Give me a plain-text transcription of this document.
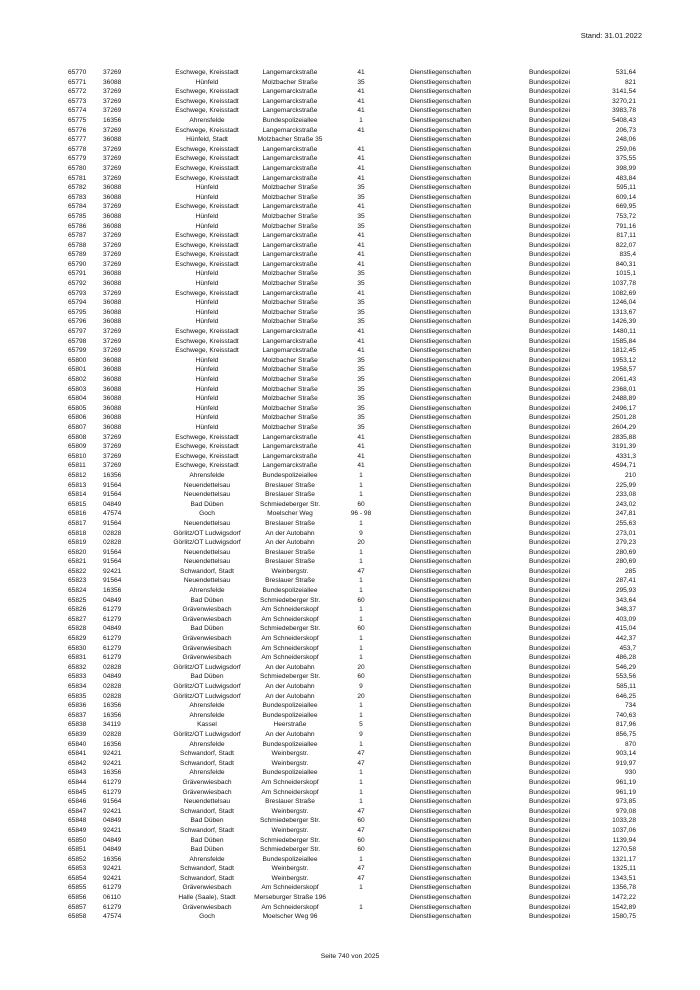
Stand: 31.01.2022
65770	37269	Eschwege, Kreisstadt	Langemarckstraße	41	Dienstliegenschaften	Bundespolizei	531,64
65771	36088	Hünfeld	Molzbacher Straße	35	Dienstliegenschaften	Bundespolizei	821
65772	37269	Eschwege, Kreisstadt	Langemarckstraße	41	Dienstliegenschaften	Bundespolizei	3141,54
65773	37269	Eschwege, Kreisstadt	Langemarckstraße	41	Dienstliegenschaften	Bundespolizei	3270,21
65774	37269	Eschwege, Kreisstadt	Langemarckstraße	41	Dienstliegenschaften	Bundespolizei	3983,78
65775	16356	Ahrensfelde	Bundespolizeiallee	1	Dienstliegenschaften	Bundespolizei	5408,43
65776	37269	Eschwege, Kreisstadt	Langemarckstraße	41	Dienstliegenschaften	Bundespolizei	206,73
65777	36088	Hünfeld, Stadt	Molzbacher Straße 35	Dienstliegenschaften	Bundespolizei	248,06
65778	37269	Eschwege, Kreisstadt	Langemarckstraße	41	Dienstliegenschaften	Bundespolizei	259,06
65779	37269	Eschwege, Kreisstadt	Langemarckstraße	41	Dienstliegenschaften	Bundespolizei	375,55
65780	37269	Eschwege, Kreisstadt	Langemarckstraße	41	Dienstliegenschaften	Bundespolizei	398,99
65781	37269	Eschwege, Kreisstadt	Langemarckstraße	41	Dienstliegenschaften	Bundespolizei	483,84
65782	36088	Hünfeld	Molzbacher Straße	35	Dienstliegenschaften	Bundespolizei	595,11
65783	36088	Hünfeld	Molzbacher Straße	35	Dienstliegenschaften	Bundespolizei	609,14
65784	37269	Eschwege, Kreisstadt	Langemarckstraße	41	Dienstliegenschaften	Bundespolizei	669,95
65785	36088	Hünfeld	Molzbacher Straße	35	Dienstliegenschaften	Bundespolizei	753,72
65786	36088	Hünfeld	Molzbacher Straße	35	Dienstliegenschaften	Bundespolizei	791,16
65787	37269	Eschwege, Kreisstadt	Langemarckstraße	41	Dienstliegenschaften	Bundespolizei	817,11
65788	37269	Eschwege, Kreisstadt	Langemarckstraße	41	Dienstliegenschaften	Bundespolizei	822,07
65789	37269	Eschwege, Kreisstadt	Langemarckstraße	41	Dienstliegenschaften	Bundespolizei	835,4
65790	37269	Eschwege, Kreisstadt	Langemarckstraße	41	Dienstliegenschaften	Bundespolizei	840,31
65791	36088	Hünfeld	Molzbacher Straße	35	Dienstliegenschaften	Bundespolizei	1015,1
65792	36088	Hünfeld	Molzbacher Straße	35	Dienstliegenschaften	Bundespolizei	1037,78
65793	37269	Eschwege, Kreisstadt	Langemarckstraße	41	Dienstliegenschaften	Bundespolizei	1082,69
65794	36088	Hünfeld	Molzbacher Straße	35	Dienstliegenschaften	Bundespolizei	1246,04
65795	36088	Hünfeld	Molzbacher Straße	35	Dienstliegenschaften	Bundespolizei	1313,67
65796	36088	Hünfeld	Molzbacher Straße	35	Dienstliegenschaften	Bundespolizei	1426,39
65797	37269	Eschwege, Kreisstadt	Langemarckstraße	41	Dienstliegenschaften	Bundespolizei	1480,11
65798	37269	Eschwege, Kreisstadt	Langemarckstraße	41	Dienstliegenschaften	Bundespolizei	1585,84
65799	37269	Eschwege, Kreisstadt	Langemarckstraße	41	Dienstliegenschaften	Bundespolizei	1812,45
65800	36088	Hünfeld	Molzbacher Straße	35	Dienstliegenschaften	Bundespolizei	1953,12
65801	36088	Hünfeld	Molzbacher Straße	35	Dienstliegenschaften	Bundespolizei	1958,57
65802	36088	Hünfeld	Molzbacher Straße	35	Dienstliegenschaften	Bundespolizei	2061,43
65803	36088	Hünfeld	Molzbacher Straße	35	Dienstliegenschaften	Bundespolizei	2368,01
65804	36088	Hünfeld	Molzbacher Straße	35	Dienstliegenschaften	Bundespolizei	2488,89
65805	36088	Hünfeld	Molzbacher Straße	35	Dienstliegenschaften	Bundespolizei	2496,17
65806	36088	Hünfeld	Molzbacher Straße	35	Dienstliegenschaften	Bundespolizei	2501,28
65807	36088	Hünfeld	Molzbacher Straße	35	Dienstliegenschaften	Bundespolizei	2604,29
65808	37269	Eschwege, Kreisstadt	Langemarckstraße	41	Dienstliegenschaften	Bundespolizei	2835,88
65809	37269	Eschwege, Kreisstadt	Langemarckstraße	41	Dienstliegenschaften	Bundespolizei	3191,39
65810	37269	Eschwege, Kreisstadt	Langemarckstraße	41	Dienstliegenschaften	Bundespolizei	4331,3
65811	37269	Eschwege, Kreisstadt	Langemarckstraße	41	Dienstliegenschaften	Bundespolizei	4594,71
65812	16356	Ahrensfelde	Bundespolizeiallee	1	Dienstliegenschaften	Bundespolizei	210
65813	91564	Neuendettelsau	Breslauer Straße	1	Dienstliegenschaften	Bundespolizei	225,99
65814	91564	Neuendettelsau	Breslauer Straße	1	Dienstliegenschaften	Bundespolizei	233,08
65815	04849	Bad Düben	Schmiedeberger Str.	60	Dienstliegenschaften	Bundespolizei	243,02
65816	47574	Goch	Moelscher Weg	96 - 98	Dienstliegenschaften	Bundespolizei	247,81
65817	91564	Neuendettelsau	Breslauer Straße	1	Dienstliegenschaften	Bundespolizei	255,63
65818	02828	Görlitz/OT Ludwigsdorf	An der Autobahn	9	Dienstliegenschaften	Bundespolizei	273,01
65819	02828	Görlitz/OT Ludwigsdorf	An der Autobahn	20	Dienstliegenschaften	Bundespolizei	279,23
65820	91564	Neuendettelsau	Breslauer Straße	1	Dienstliegenschaften	Bundespolizei	280,69
65821	91564	Neuendettelsau	Breslauer Straße	1	Dienstliegenschaften	Bundespolizei	280,69
65822	92421	Schwandorf, Stadt	Weinbergstr.	47	Dienstliegenschaften	Bundespolizei	285
65823	91564	Neuendettelsau	Breslauer Straße	1	Dienstliegenschaften	Bundespolizei	287,41
65824	16356	Ahrensfelde	Bundespolizeiallee	1	Dienstliegenschaften	Bundespolizei	295,93
65825	04849	Bad Düben	Schmiedeberger Str.	60	Dienstliegenschaften	Bundespolizei	343,64
65826	61279	Grävenwiesbach	Am Schneiderskopf	1	Dienstliegenschaften	Bundespolizei	348,37
65827	61279	Grävenwiesbach	Am Schneiderskopf	1	Dienstliegenschaften	Bundespolizei	403,09
65828	04849	Bad Düben	Schmiedeberger Str.	60	Dienstliegenschaften	Bundespolizei	415,04
65829	61279	Grävenwiesbach	Am Schneiderskopf	1	Dienstliegenschaften	Bundespolizei	442,37
65830	61279	Grävenwiesbach	Am Schneiderskopf	1	Dienstliegenschaften	Bundespolizei	453,7
65831	61279	Grävenwiesbach	Am Schneiderskopf	1	Dienstliegenschaften	Bundespolizei	486,28
65832	02828	Görlitz/OT Ludwigsdorf	An der Autobahn	20	Dienstliegenschaften	Bundespolizei	546,29
65833	04849	Bad Düben	Schmiedeberger Str.	60	Dienstliegenschaften	Bundespolizei	553,56
65834	02828	Görlitz/OT Ludwigsdorf	An der Autobahn	9	Dienstliegenschaften	Bundespolizei	585,11
65835	02828	Görlitz/OT Ludwigsdorf	An der Autobahn	20	Dienstliegenschaften	Bundespolizei	646,25
65836	16356	Ahrensfelde	Bundespolizeiallee	1	Dienstliegenschaften	Bundespolizei	734
65837	16356	Ahrensfelde	Bundespolizeiallee	1	Dienstliegenschaften	Bundespolizei	740,63
65838	34119	Kassel	Heerstraße	5	Dienstliegenschaften	Bundespolizei	817,96
65839	02828	Görlitz/OT Ludwigsdorf	An der Autobahn	9	Dienstliegenschaften	Bundespolizei	856,75
65840	16356	Ahrensfelde	Bundespolizeiallee	1	Dienstliegenschaften	Bundespolizei	870
65841	92421	Schwandorf, Stadt	Weinbergstr.	47	Dienstliegenschaften	Bundespolizei	903,14
65842	92421	Schwandorf, Stadt	Weinbergstr.	47	Dienstliegenschaften	Bundespolizei	919,97
65843	16356	Ahrensfelde	Bundespolizeiallee	1	Dienstliegenschaften	Bundespolizei	930
65844	61279	Grävenwiesbach	Am Schneiderskopf	1	Dienstliegenschaften	Bundespolizei	961,19
65845	61279	Grävenwiesbach	Am Schneiderskopf	1	Dienstliegenschaften	Bundespolizei	961,19
65846	91564	Neuendettelsau	Breslauer Straße	1	Dienstliegenschaften	Bundespolizei	973,85
65847	92421	Schwandorf, Stadt	Weinbergstr.	47	Dienstliegenschaften	Bundespolizei	979,08
65848	04849	Bad Düben	Schmiedeberger Str.	60	Dienstliegenschaften	Bundespolizei	1033,28
65849	92421	Schwandorf, Stadt	Weinbergstr.	47	Dienstliegenschaften	Bundespolizei	1037,06
65850	04849	Bad Düben	Schmiedeberger Str.	60	Dienstliegenschaften	Bundespolizei	1139,94
65851	04849	Bad Düben	Schmiedeberger Str.	60	Dienstliegenschaften	Bundespolizei	1270,58
65852	16356	Ahrensfelde	Bundespolizeiallee	1	Dienstliegenschaften	Bundespolizei	1321,17
65853	92421	Schwandorf, Stadt	Weinbergstr.	47	Dienstliegenschaften	Bundespolizei	1325,11
65854	92421	Schwandorf, Stadt	Weinbergstr.	47	Dienstliegenschaften	Bundespolizei	1343,51
65855	61279	Grävenwiesbach	Am Schneiderskopf	1	Dienstliegenschaften	Bundespolizei	1356,78
65856	06110	Halle (Saale), Stadt	Merseburger Straße 196	Dienstliegenschaften	Bundespolizei	1472,22
65857	61279	Grävenwiesbach	Am Schneiderskopf	1	Dienstliegenschaften	Bundespolizei	1542,89
65858	47574	Goch	Moelscher Weg 96	Dienstliegenschaften	Bundespolizei	1580,75
Seite 740 von 2025
